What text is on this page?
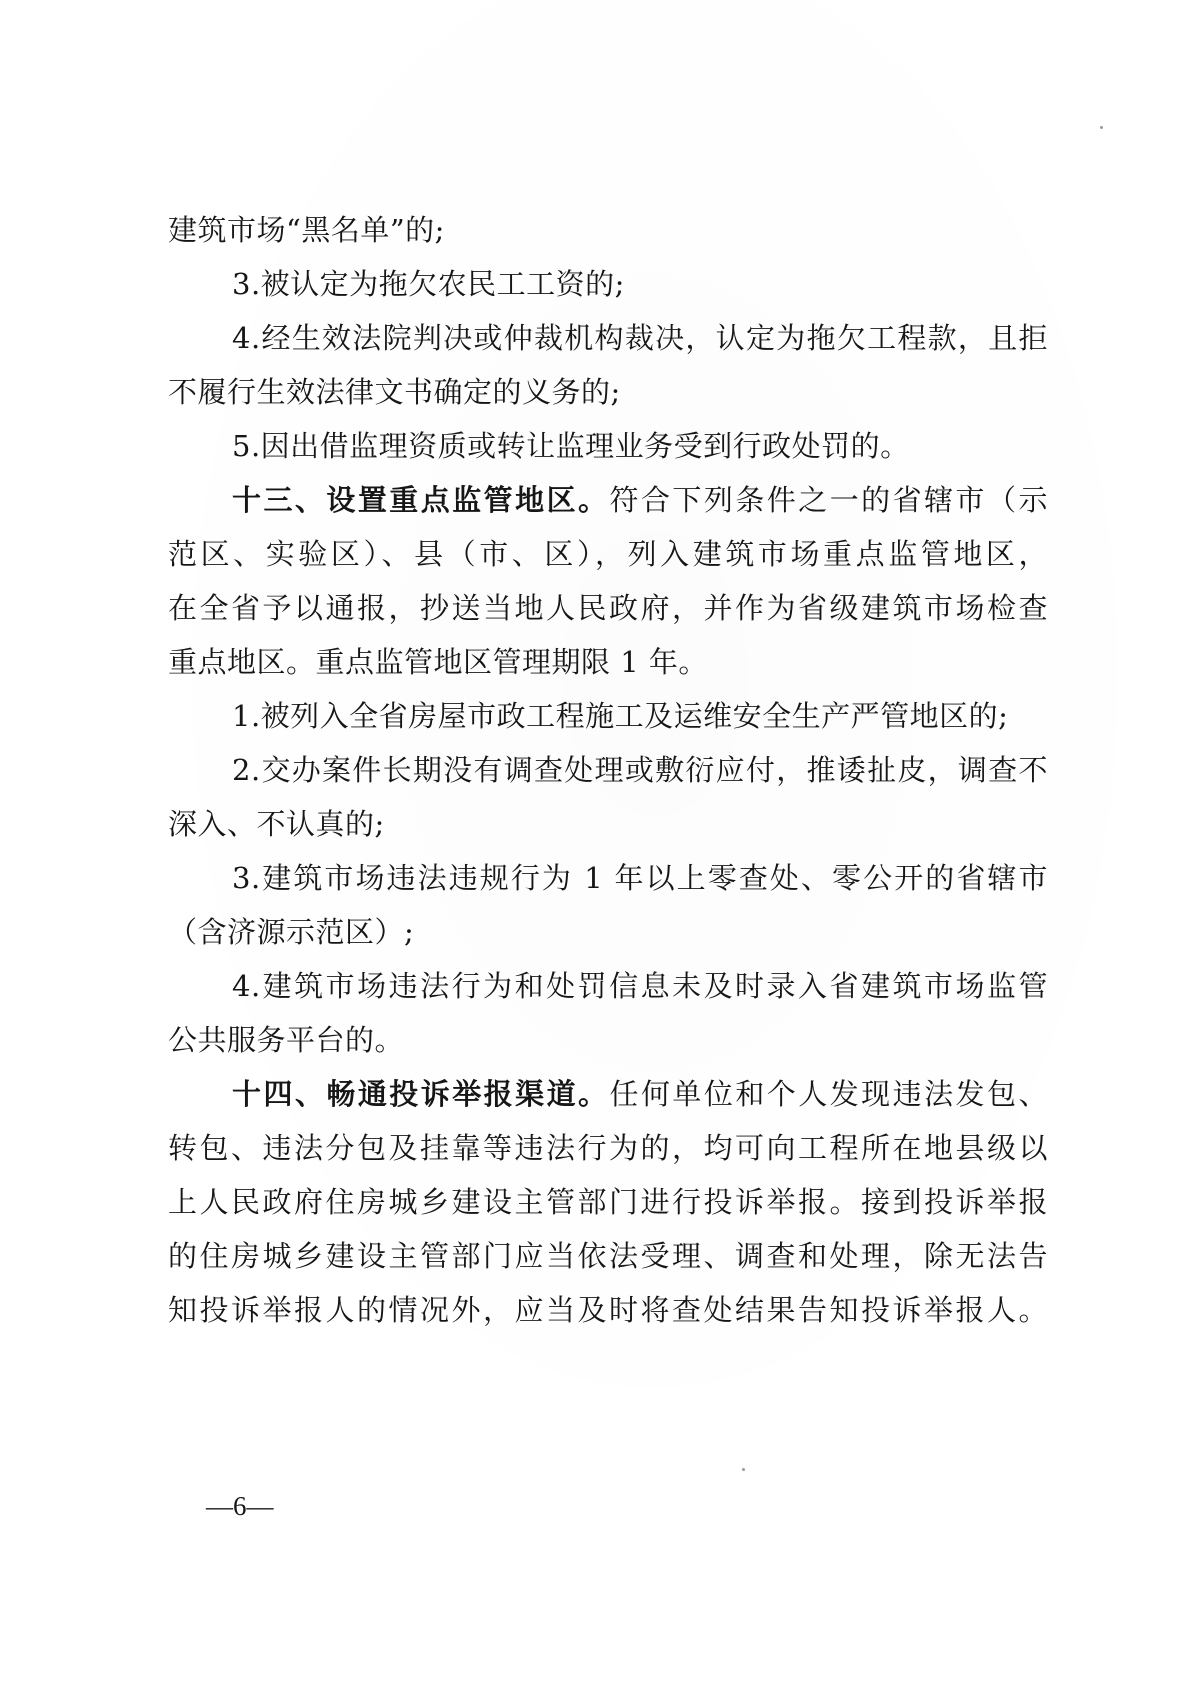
建筑市场“黑名单”的;
3.被认定为拖欠农民工工资的;
4.经生效法院判决或仲裁机构裁决，认定为拖欠工程款，且拒
不履行生效法律文书确定的义务的;
5.因出借监理资质或转让监理业务受到行政处罚的。
十三、设置重点监管地区。符合下列条件之一的省辖市（示
范区、实验区）、县（市、区），列入建筑市场重点监管地区，
在全省予以通报，抄送当地人民政府，并作为省级建筑市场检查
重点地区。重点监管地区管理期限 1 年。
1.被列入全省房屋市政工程施工及运维安全生产严管地区的;
2.交办案件长期没有调查处理或敷衍应付，推诿扯皮，调查不
深入、不认真的;
3.建筑市场违法违规行为 1 年以上零查处、零公开的省辖市
（含济源示范区）;
4.建筑市场违法行为和处罚信息未及时录入省建筑市场监管
公共服务平台的。
十四、畅通投诉举报渠道。任何单位和个人发现违法发包、
转包、违法分包及挂靠等违法行为的，均可向工程所在地县级以
上人民政府住房城乡建设主管部门进行投诉举报。接到投诉举报
的住房城乡建设主管部门应当依法受理、调查和处理，除无法告
知投诉举报人的情况外，应当及时将查处结果告知投诉举报人。
—6—
